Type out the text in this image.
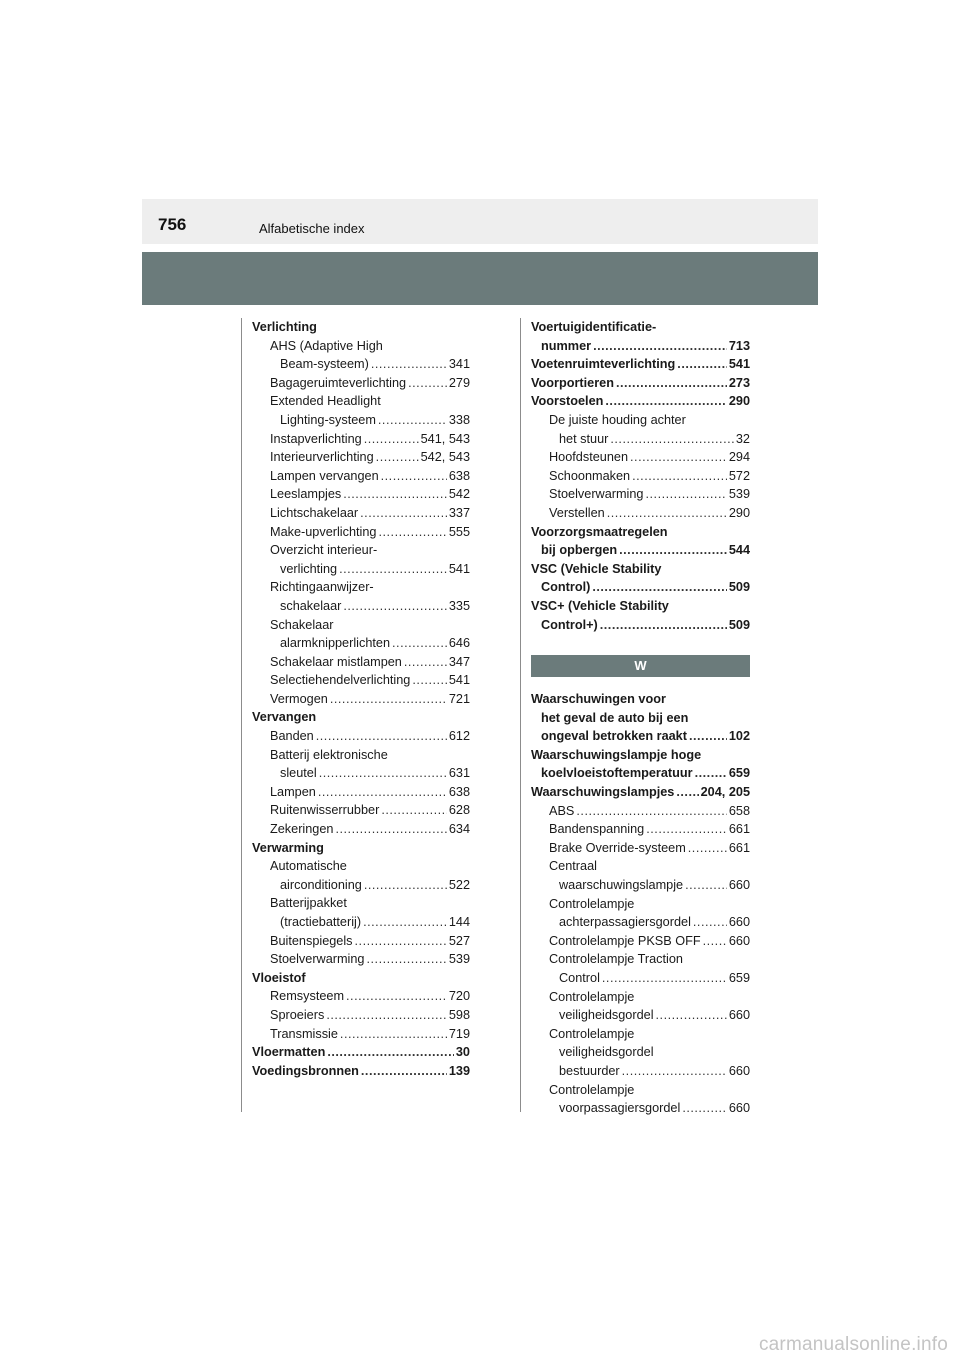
756	Alfabetische index
Verlichting
AHS (Adaptive High
Beam-systeem) .....	341
Bagageruimteverlichting .....	279
Extended Headlight
Lighting-systeem .....	338
Instapverlichting .....	541, 543
Interieurverlichting .....	542, 543
Lampen vervangen .....	638
Leeslampjes .....	542
Lichtschakelaar .....	337
Make-upverlichting .....	555
Overzicht interieur-
verlichting .....	541
Richtingaanwijzer-
schakelaar .....	335
Schakelaar
alarmknipperlichten .....	646
Schakelaar mistlampen .....	347
Selectiehendelverlichting .....	541
Vermogen .....	721
Vervangen
Banden .....	612
Batterij elektronische
sleutel .....	631
Lampen .....	638
Ruitenwisserrubber .....	628
Zekeringen .....	634
Verwarming
Automatische
airconditioning .....	522
Batterijpakket
(tractiebatterij) .....	144
Buitenspiegels .....	527
Stoelverwarming .....	539
Vloeistof
Remsysteem .....	720
Sproeiers .....	598
Transmissie .....	719
Vloermatten .....	30
Voedingsbronnen .....	139
Voertuigidentificatie-
nummer .....	713
Voetenruimteverlichting .....	541
Voorportieren .....	273
Voorstoelen .....	290
De juiste houding achter
het stuur .....	32
Hoofdsteunen .....	294
Schoonmaken .....	572
Stoelverwarming .....	539
Verstellen .....	290
Voorzorgsmaatregelen
bij opbergen .....	544
VSC (Vehicle Stability
Control) .....	509
VSC+ (Vehicle Stability
Control+) .....	509
W
Waarschuwingen voor
het geval de auto bij een
ongeval betrokken raakt .....	102
Waarschuwingslampje hoge
koelvloeistoftemperatuur .....	659
Waarschuwingslampjes ..... 204, 205
ABS .....	658
Bandenspanning .....	661
Brake Override-systeem .....	661
Centraal
waarschuwingslampje .....	660
Controlelampje
achterpassagiersgordel .....	660
Controlelampje PKSB OFF ..... 660
Controlelampje Traction
Control .....	659
Controlelampje
veiligheidsgordel .....	660
Controlelampje
veiligheidsgordel
bestuurder .....	660
Controlelampje
voorpassagiersgordel .....	660
carmanualsonline.info
